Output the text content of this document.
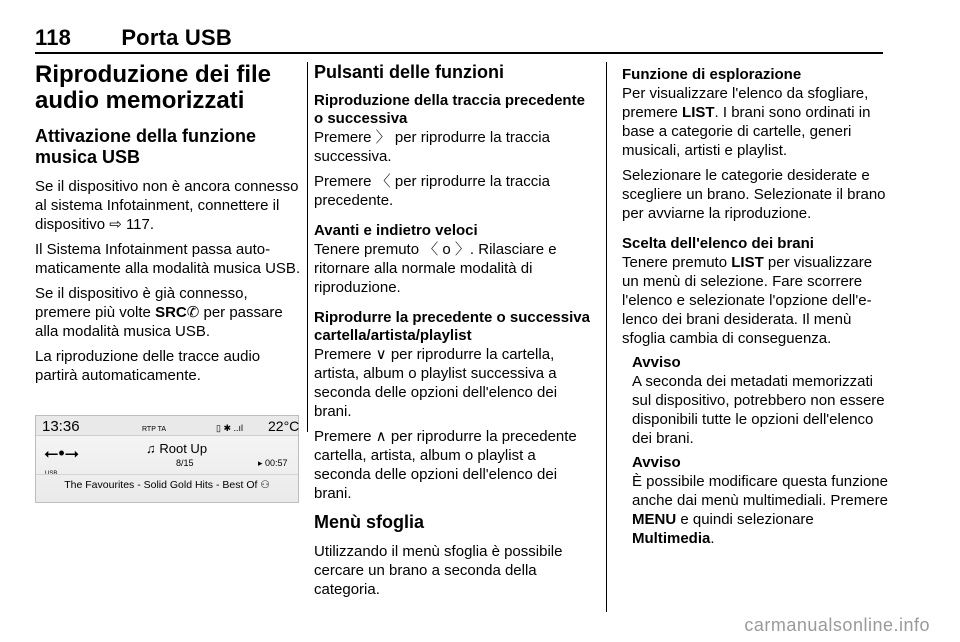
118 Porta USB
Riproduzione dei file audio memorizzati
Attivazione della funzione musica USB

Se il dispositivo non è ancora connesso al sistema Infotainment, connettere il dispositivo ⇨ 117.

Il Sistema Infotainment passa automaticamente alla modalità musica USB.

Se il dispositivo è già connesso, premere più volte SRC✆ per passare alla modalità musica USB.

La riproduzione delle tracce audio partirà automaticamente.

13:36	RTP TA	▯ ✱ ..ıl 22°C
⭠•⭢
USB
♫ Root Up
8/15	▸ 00:57
The Favourites - Solid Gold Hits - Best Of ⚇
Pulsanti delle funzioni
Riproduzione della traccia precedente o successiva

Premere 〉 per riprodurre la traccia successiva.

Premere 〈 per riprodurre la traccia precedente.

Avanti e indietro veloci

Tenere premuto 〈 o 〉. Rilasciare e ritornare alla normale modalità di riproduzione.

Riprodurre la precedente o successiva cartella/artista/playlist

Premere ∨ per riprodurre la cartella, artista, album o playlist successiva a seconda delle opzioni dell'elenco dei brani.

Premere ∧ per riprodurre la precedente cartella, artista, album o playlist a seconda delle opzioni dell'elenco dei brani.

Menù sfoglia

Utilizzando il menù sfoglia è possibile cercare un brano a seconda della categoria.

Funzione di esplorazione

Per visualizzare l'elenco da sfogliare, premere LIST. I brani sono ordinati in base a categorie di cartelle, generi musicali, artisti e playlist.

Selezionare le categorie desiderate e scegliere un brano. Selezionate il brano per avviarne la riproduzione.

Scelta dell'elenco dei brani

Tenere premuto LIST per visualizzare un menù di selezione. Fare scorrere l'elenco e selezionate l'opzione dell'elenco dei brani desiderata. Il menù sfoglia cambia di conseguenza.

Avviso

A seconda dei metadati memorizzati sul dispositivo, potrebbero non essere disponibili tutte le opzioni dell'elenco dei brani.

Avviso

È possibile modificare questa funzione anche dai menù multimediali. Premere MENU e quindi selezionare Multimedia.

carmanualsonline.info
